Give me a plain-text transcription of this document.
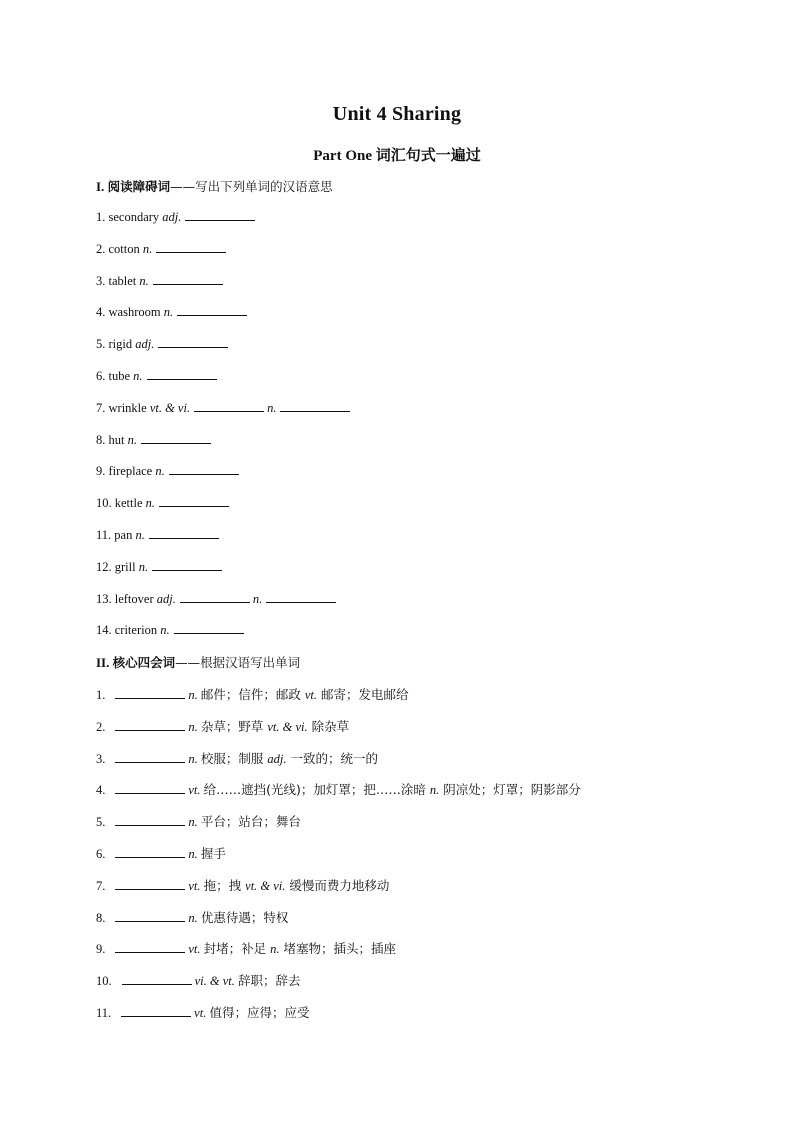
Unit 4 Sharing
Part One 词汇句式一遍过
I. 阅读障碍词——写出下列单词的汉语意思
1. secondary adj.
2. cotton n.
3. tablet n.
4. washroom n.
5. rigid adj.
6. tube n.
7. wrinkle vt. & vi.	n.
8. hut n.
9. fireplace n.
10. kettle n.
11. pan n.
12. grill n.
13. leftover adj.	n.
14. criterion n.
II. 核心四会词——根据汉语写出单词
1.	n. 邮件；信件；邮政 vt. 邮寄；发电邮给
2.	n. 杂草；野草 vt. & vi. 除杂草
3.	n. 校服；制服 adj. 一致的；统一的
4.	vt. 给……遮挡(光线)；加灯罩；把……涂暗 n. 阴凉处；灯罩；阴影部分
5.	n. 平台；站台；舞台
6.	n. 握手
7.	vt. 拖；拽 vt. & vi. 缓慢而费力地移动
8.	n. 优惠待遇；特权
9.	vt. 封堵；补足 n. 堵塞物；插头；插座
10.	vi. & vt. 辞职；辞去
11.	vt. 值得；应得；应受
